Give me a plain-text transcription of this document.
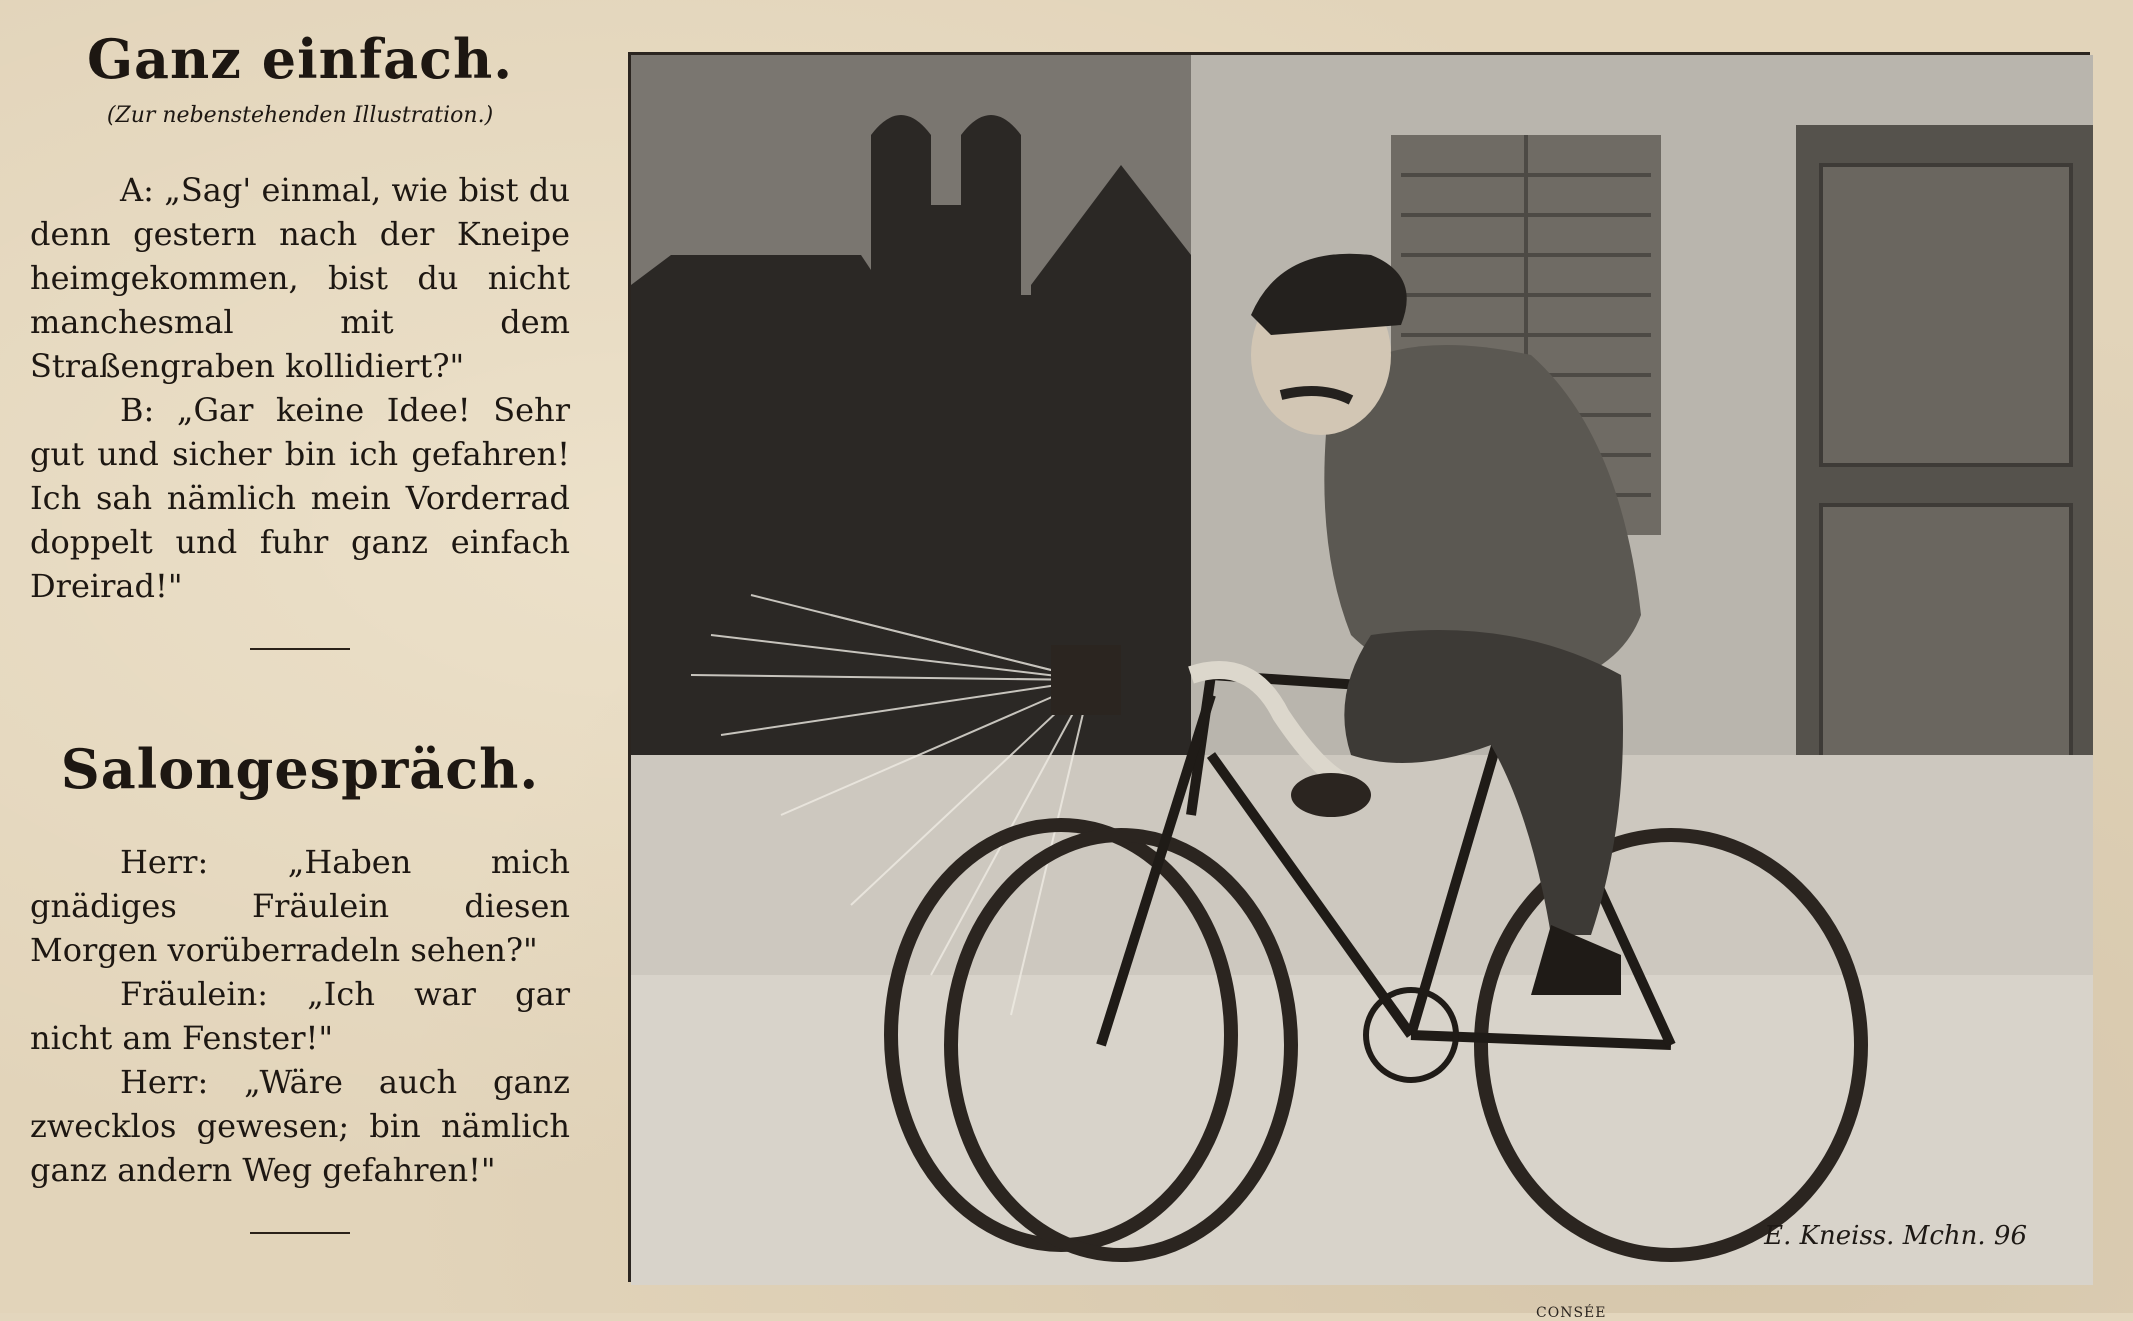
Ganz einfach.
(Zur nebenstehenden Illustration.)

A: „Sag' einmal, wie bist du denn gestern nach der Kneipe heimgekommen, bist du nicht manchesmal mit dem Straßengraben kollidiert?"

B: „Gar keine Idee! Sehr gut und sicher bin ich gefahren! Ich sah nämlich mein Vorderrad doppelt und fuhr ganz einfach Dreirad!"

Salongespräch.

Herr: „Haben mich gnädiges Fräulein diesen Morgen vorüberradeln sehen?"

Fräulein: „Ich war gar nicht am Fenster!"

Herr: „Wäre auch ganz zwecklos gewesen; bin nämlich ganz andern Weg gefahren!"

CONSÉE
E. Kneiss. Mchn. 96
